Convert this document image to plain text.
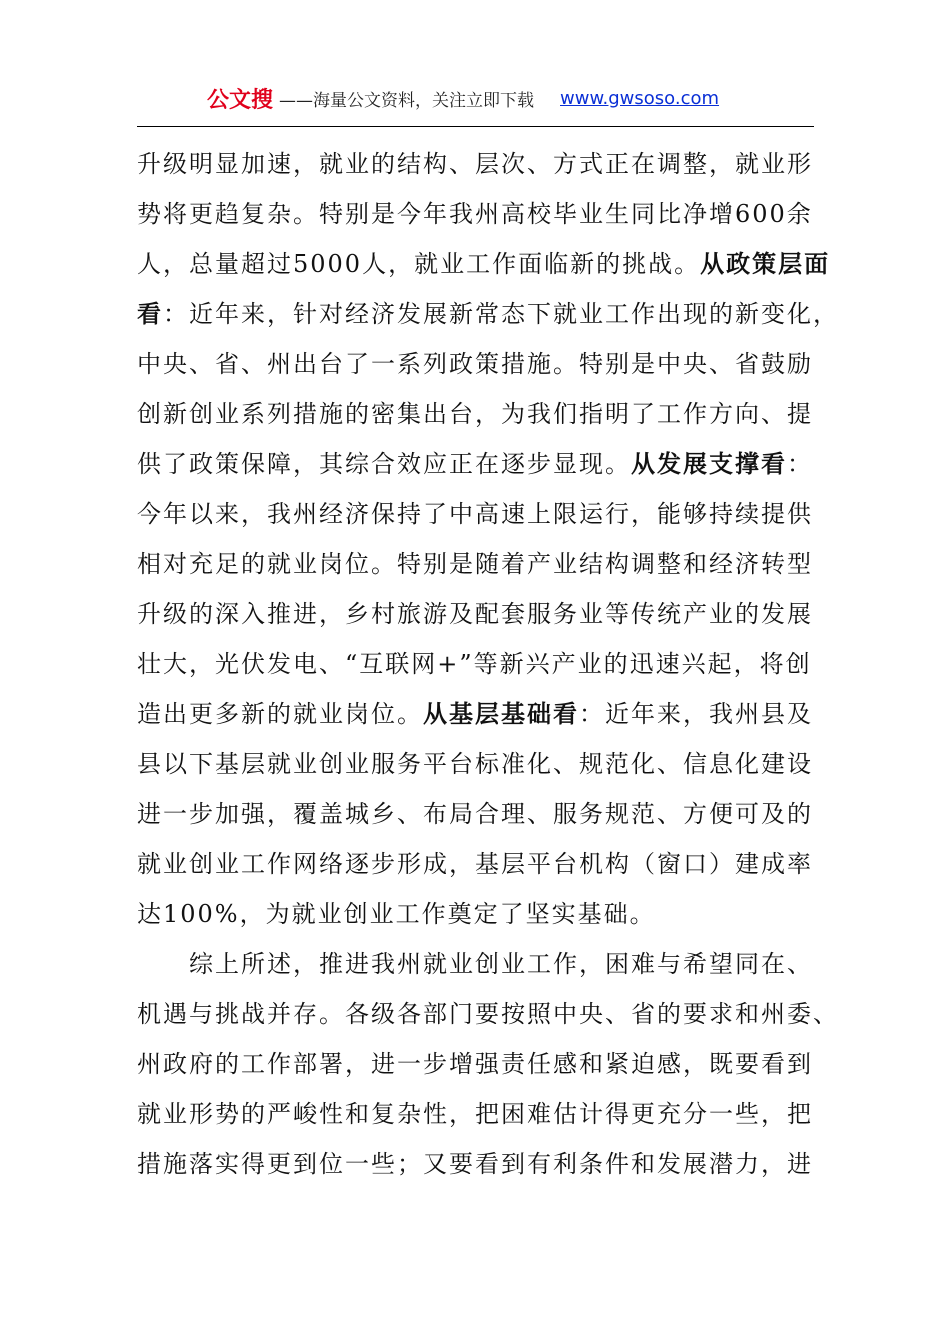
公文搜 ——海量公文资料，关注立即下载 www.gwsoso.com
升级明显加速，就业的结构、层次、方式正在调整，就业形
势将更趋复杂。特别是今年我州高校毕业生同比净增600余
人，总量超过5000人，就业工作面临新的挑战。从政策层面
看：近年来，针对经济发展新常态下就业工作出现的新变化，
中央、省、州出台了一系列政策措施。特别是中央、省鼓励
创新创业系列措施的密集出台，为我们指明了工作方向、提
供了政策保障，其综合效应正在逐步显现。从发展支撑看：
今年以来，我州经济保持了中高速上限运行，能够持续提供
相对充足的就业岗位。特别是随着产业结构调整和经济转型
升级的深入推进，乡村旅游及配套服务业等传统产业的发展
壮大，光伏发电、“互联网+”等新兴产业的迅速兴起，将创
造出更多新的就业岗位。从基层基础看：近年来，我州县及
县以下基层就业创业服务平台标准化、规范化、信息化建设
进一步加强，覆盖城乡、布局合理、服务规范、方便可及的
就业创业工作网络逐步形成，基层平台机构（窗口）建成率
达100%，为就业创业工作奠定了坚实基础。
综上所述，推进我州就业创业工作，困难与希望同在、
机遇与挑战并存。各级各部门要按照中央、省的要求和州委、
州政府的工作部署，进一步增强责任感和紧迫感，既要看到
就业形势的严峻性和复杂性，把困难估计得更充分一些，把
措施落实得更到位一些；又要看到有利条件和发展潜力，进
